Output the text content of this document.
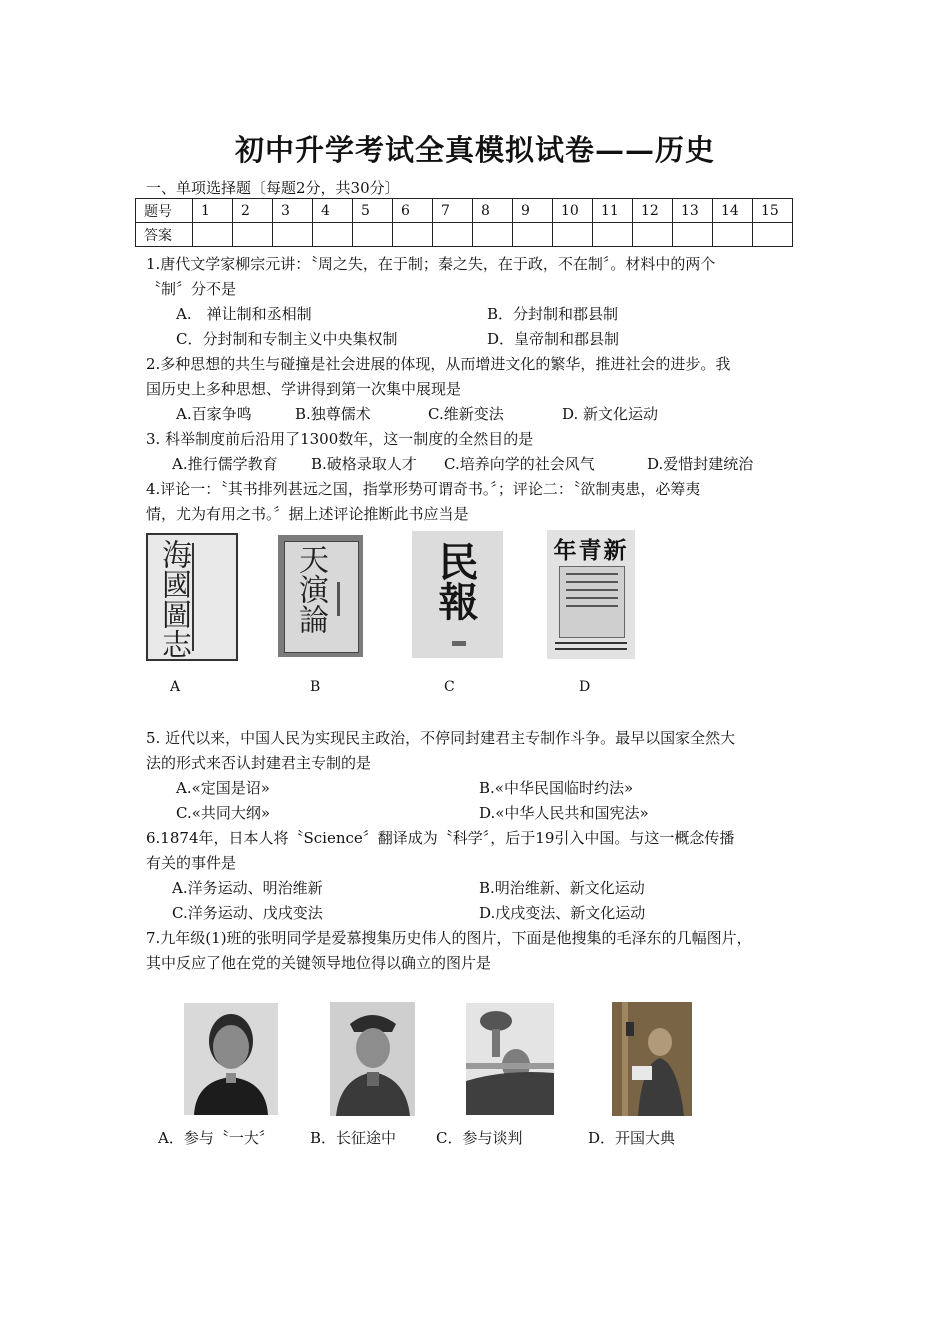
初中升学考试全真模拟试卷——历史
一、单项选择题〔每题2分，共30分〕
题号	1	2	3	4	5	6	7	8	9	10	11	12	13	14	15
答案															
1.唐代文学家柳宗元讲：〝周之失，在于制；秦之失，在于政，不在制〞。材料中的两个
〝制〞分不是
A.　禅让制和丞相制	B．分封制和郡县制
C．分封制和专制主义中央集权制	D．皇帝制和郡县制
2.多种思想的共生与碰撞是社会进展的体现，从而增进文化的繁华，推进社会的进步。我
国历史上多种思想、学讲得到第一次集中展现是
A.百家争鸣	B.独尊儒术	C.维新变法	D. 新文化运动
3. 科举制度前后沿用了1300数年，这一制度的全然目的是
A.推行儒学教育 B.破格录取人才 C.培养向学的社会风气	D.爱惜封建统治
4.评论一：〝其书排列甚远之国，指掌形势可谓奇书。〞；评论二：〝欲制夷患，必筹夷
情，尤为有用之书。〞据上述评论推断此书应当是
海國圖志	天演論	民報	新青年
A	B	C	D
5. 近代以来，中国人民为实现民主政治，不停同封建君主专制作斗争。最早以国家全然大
法的形式来否认封建君主专制的是
A.«定国是诏»	B.«中华民国临时约法»
C.«共同大纲»	D.«中华人民共和国宪法»
6.1874年，日本人将〝Science〞翻译成为〝科学〞，后于19引入中国。与这一概念传播
有关的事件是
A.洋务运动、明治维新	B.明治维新、新文化运动
C.洋务运动、戊戌变法	D.戊戌变法、新文化运动
7.九年级(1)班的张明同学是爱慕搜集历史伟人的图片，下面是他搜集的毛泽东的几幅图片，
其中反应了他在党的关键领导地位得以确立的图片是
A．参与〝一大〞 B．长征途中	C．参与谈判	D．开国大典
